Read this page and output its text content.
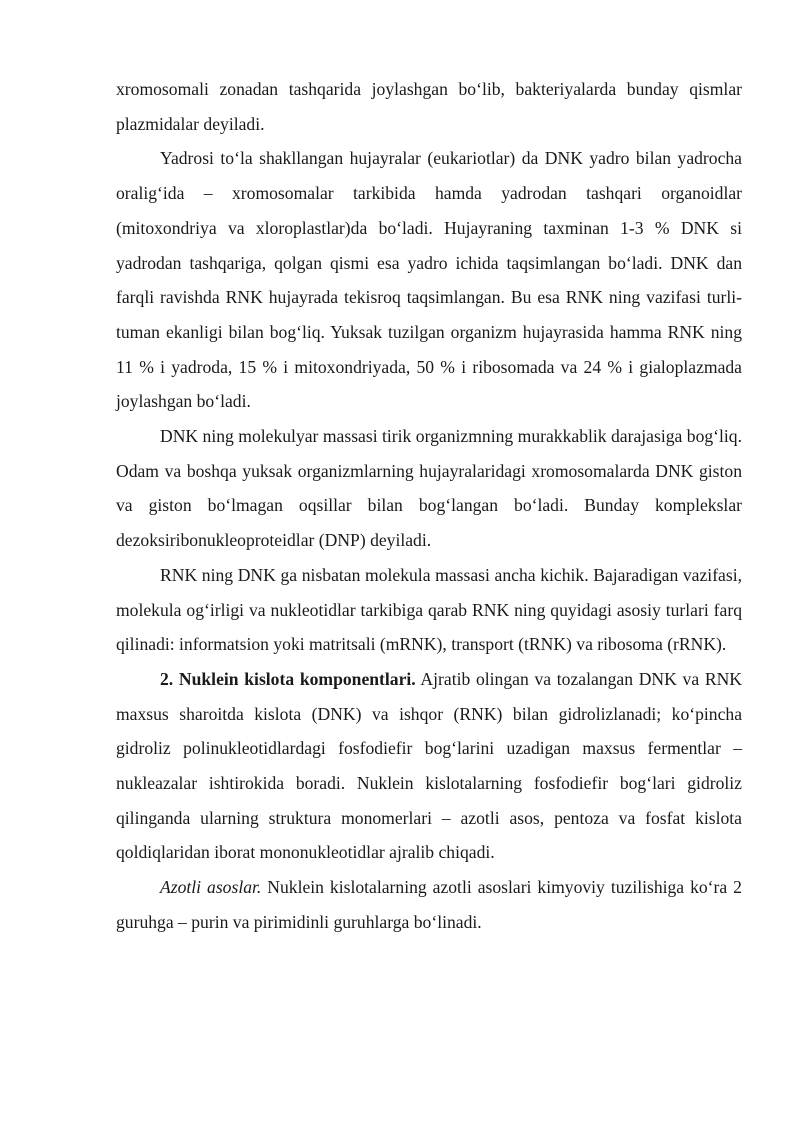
xromosomali zonadan tashqarida joylashgan bo‘lib, bakteriyalarda bunday qismlar plazmidalar deyiladi.

Yadrosi to‘la shakllangan hujayralar (eukariotlar) da DNK yadro bilan yadrocha oralig‘ida – xromosomalar tarkibida hamda yadrodan tashqari organoidlar (mitoxondriya va xloroplastlar)da bo‘ladi. Hujayraning taxminan 1-3 % DNK si yadrodan tashqariga, qolgan qismi esa yadro ichida taqsimlangan bo‘ladi. DNK dan farqli ravishda RNK hujayrada tekisroq taqsimlangan. Bu esa RNK ning vazifasi turli-tuman ekanligi bilan bog‘liq. Yuksak tuzilgan organizm hujayrasida hamma RNK ning 11 % i yadroda, 15 % i mitoxondriyada, 50 % i ribosomada va 24 % i gialoplazmada joylashgan bo‘ladi.

DNK ning molekulyar massasi tirik organizmning murakkablik darajasiga bog‘liq. Odam va boshqa yuksak organizmlarning hujayralaridagi xromosomalarda DNK giston va giston bo‘lmagan oqsillar bilan bog‘langan bo‘ladi. Bunday komplekslar dezoksiribonukleoproteidlar (DNP) deyiladi.

RNK ning DNK ga nisbatan molekula massasi ancha kichik. Bajaradigan vazifasi, molekula og‘irligi va nukleotidlar tarkibiga qarab RNK ning quyidagi asosiy turlari farq qilinadi: informatsion yoki matritsali (mRNK), transport (tRNK) va ribosoma (rRNK).

2. Nuklein kislota komponentlari. Ajratib olingan va tozalangan DNK va RNK maxsus sharoitda kislota (DNK) va ishqor (RNK) bilan gidrolizlanadi; ko‘pincha gidroliz polinukleotidlardagi fosfodiefir bog‘larini uzadigan maxsus fermentlar – nukleazalar ishtirokida boradi. Nuklein kislotalarning fosfodiefir bog‘lari gidroliz qilinganda ularning struktura monomerlari – azotli asos, pentoza va fosfat kislota qoldiqlaridan iborat mononukleotidlar ajralib chiqadi.

Azotli asoslar. Nuklein kislotalarning azotli asoslari kimyoviy tuzilishiga ko‘ra 2 guruhga – purin va pirimidinli guruhlarga bo‘linadi.
